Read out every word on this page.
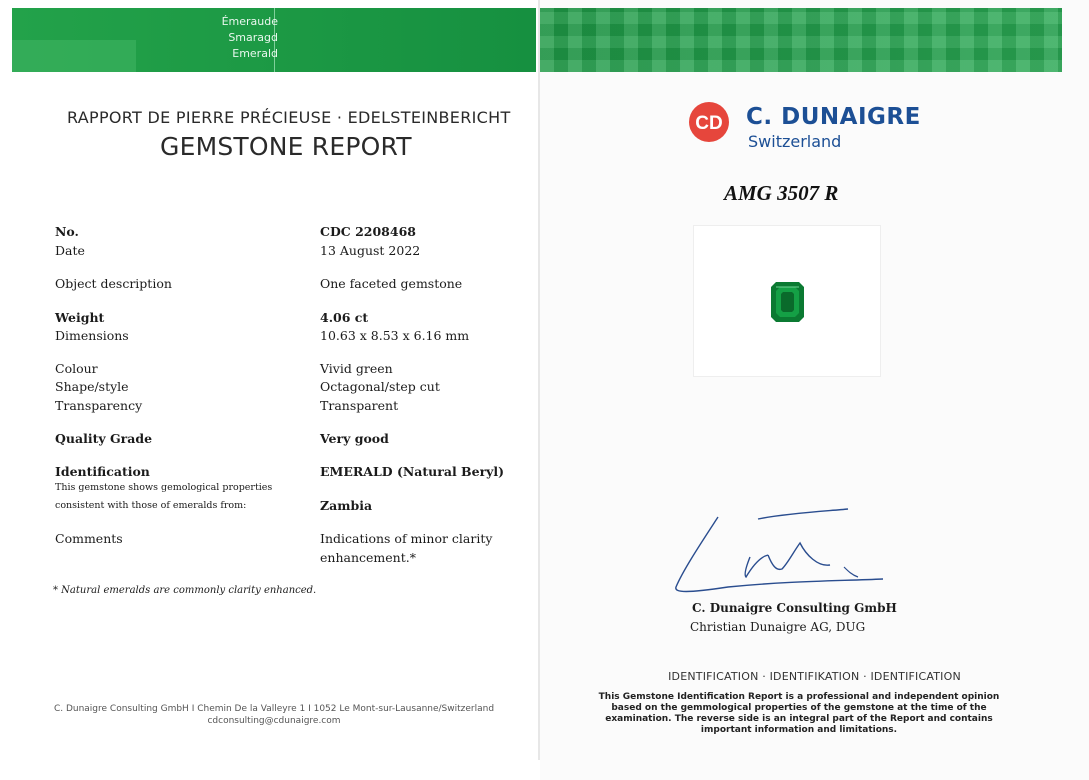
Émeraude
Smaragd
Emerald
RAPPORT DE PIERRE PRÉCIEUSE · EDELSTEINBERICHT
GEMSTONE REPORT
No.	CDC 2208468
Date	13 August 2022
Object description	One faceted gemstone
Weight	4.06 ct
Dimensions	10.63 x 8.53 x 6.16 mm
Colour	Vivid green
Shape/style	Octagonal/step cut
Transparency	Transparent
Quality Grade	Very good
Identification	EMERALD (Natural Beryl)
This gemstone shows gemological properties
consistent with those of emeralds from:	Zambia
Comments	Indications of minor clarity
enhancement.*
* Natural emeralds are commonly clarity enhanced.
C. Dunaigre Consulting GmbH I Chemin De la Valleyre 1 I 1052 Le Mont-sur-Lausanne/Switzerland
cdconsulting@cdunaigre.com
CD C. DUNAIGRE
Switzerland
AMG 3507 R
C. Dunaigre Consulting GmbH
Christian Dunaigre AG, DUG
IDENTIFICATION · IDENTIFIKATION · IDENTIFICATION
This Gemstone Identification Report is a professional and independent opinion
based on the gemmological properties of the gemstone at the time of the
examination. The reverse side is an integral part of the Report and contains
important information and limitations.
